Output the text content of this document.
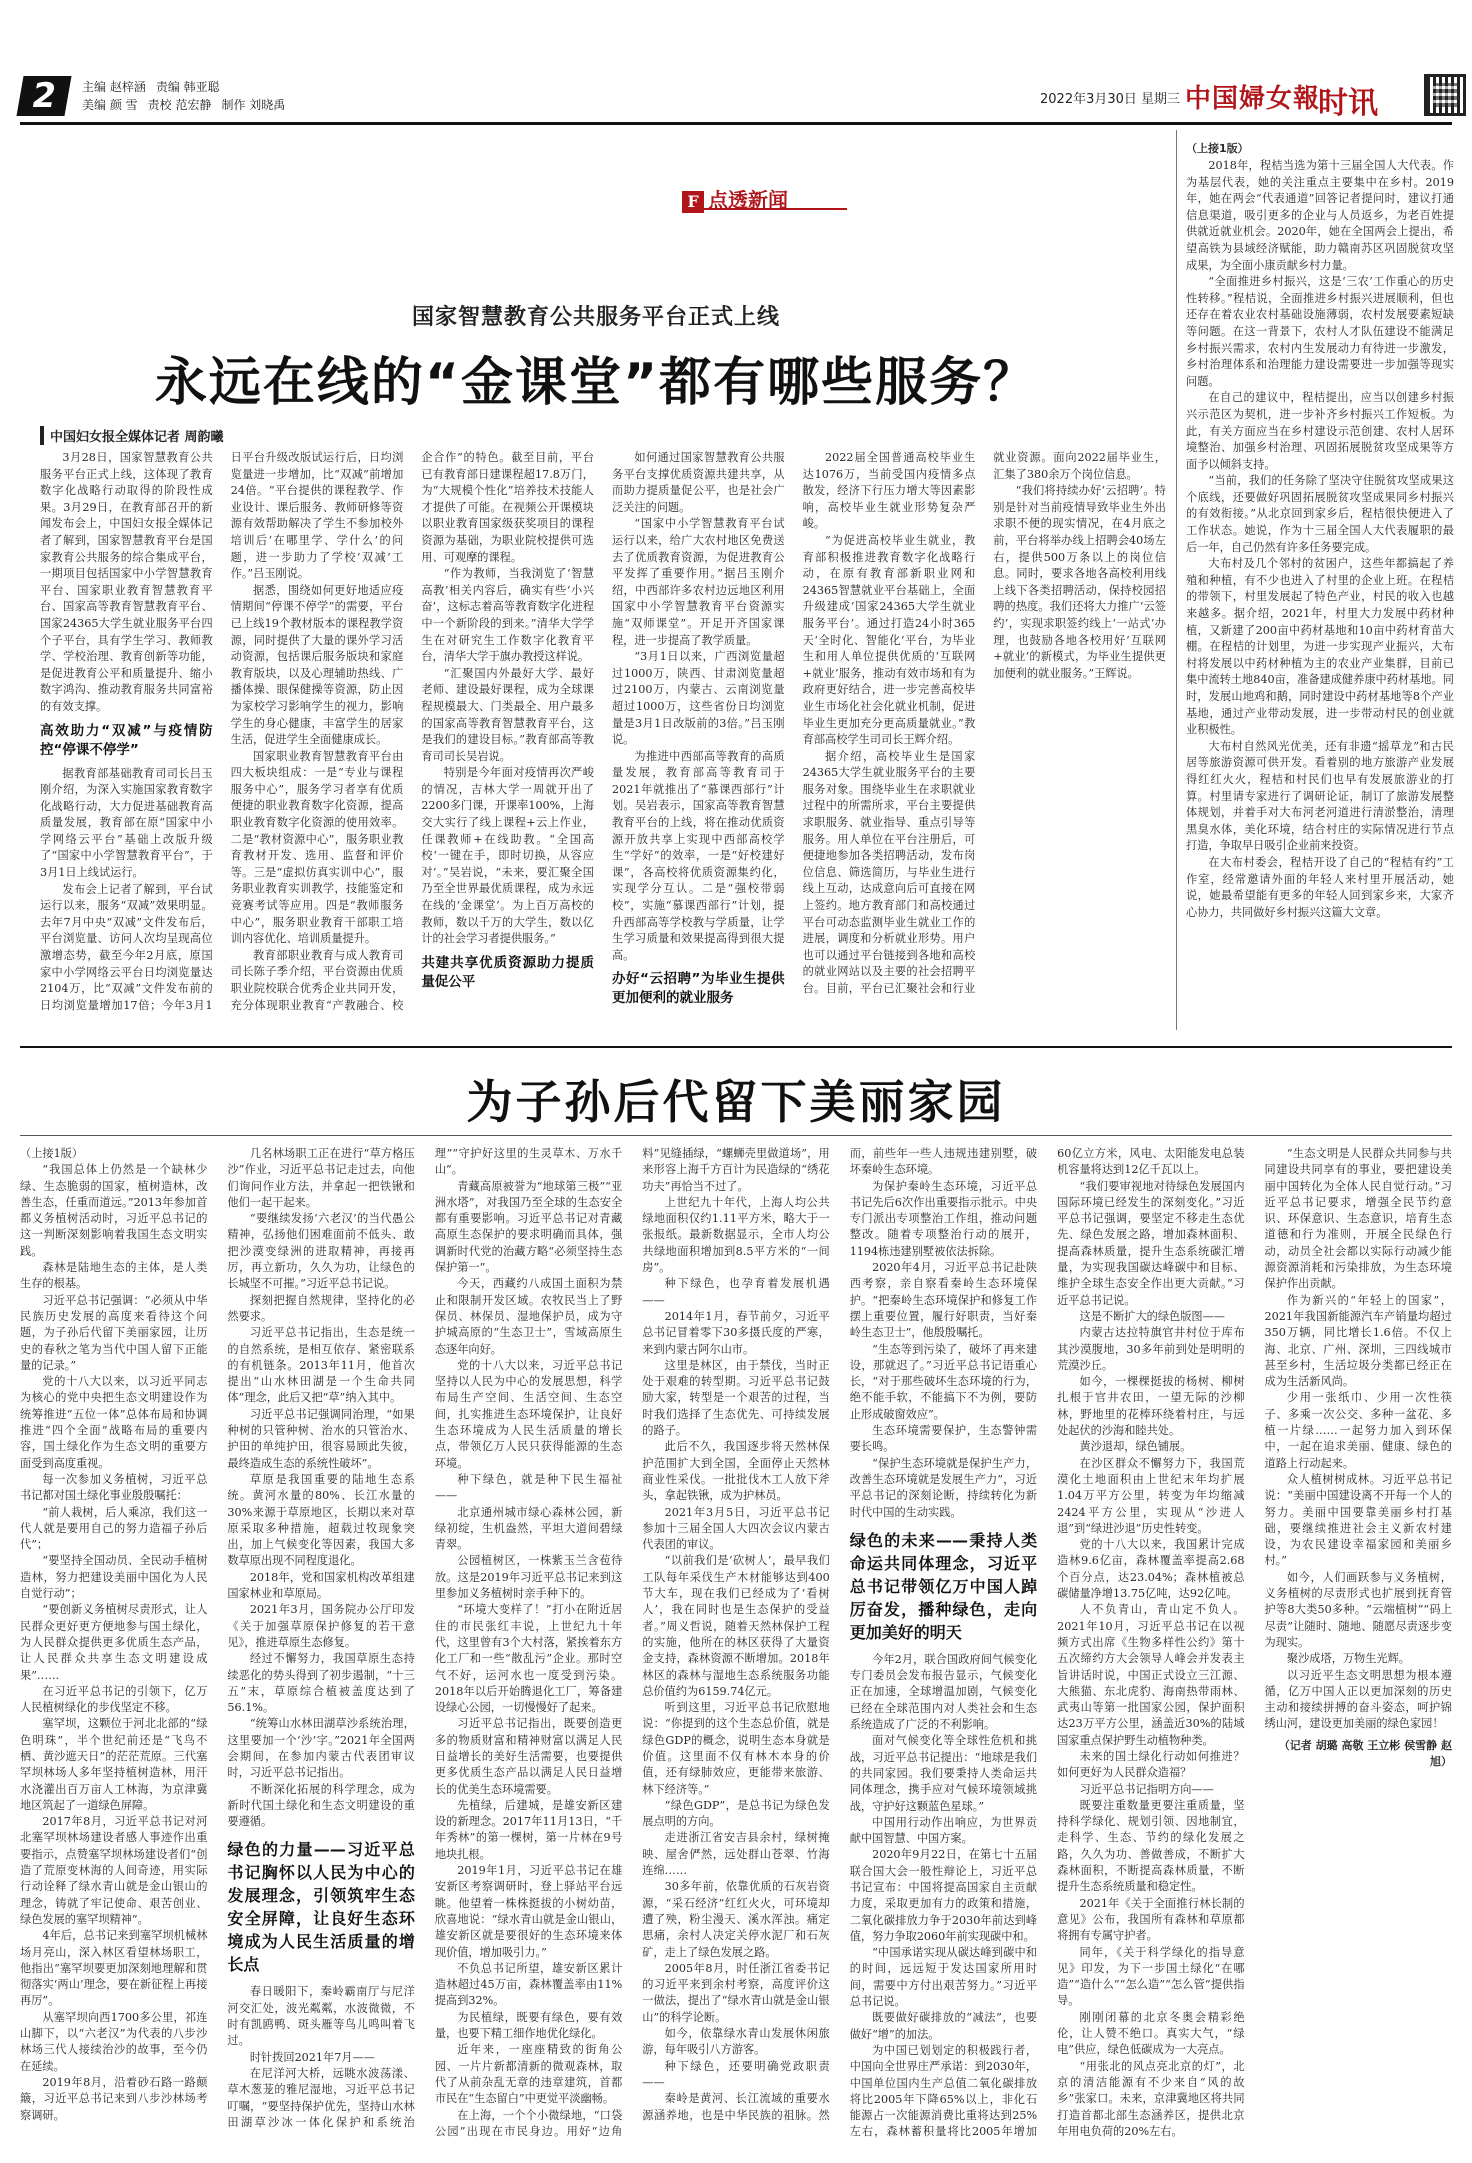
2	主编 赵梓涵 责编 韩亚聪
美编 颜 雪 责校 范宏静 制作 刘晓禹	2022年3月30日 星期三 中国婦女報
时讯
F 点透新闻
国家智慧教育公共服务平台正式上线
永远在线的“金课堂”都有哪些服务？
中国妇女报全媒体记者 周韵曦

3月28日，国家智慧教育公共服务平台正式上线，这体现了教育数字化战略行动取得的阶段性成果。3月29日，在教育部召开的新闻发布会上，中国妇女报全媒体记者了解到，国家智慧教育平台是国家教育公共服务的综合集成平台，一期项目包括国家中小学智慧教育平台、国家职业教育智慧教育平台、国家高等教育智慧教育平台、国家24365大学生就业服务平台四个子平台，具有学生学习、教师教学、学校治理、教育创新等功能，是促进教育公平和质量提升、缩小数字鸿沟、推动教育服务共同富裕的有效支撑。

高效助力“双减”与疫情防控“停课不停学”

据教育部基础教育司司长吕玉刚介绍，为深入实施国家教育数字化战略行动，大力促进基础教育高质量发展，教育部在原“国家中小学网络云平台”基础上改版升级了“国家中小学智慧教育平台”，于3月1日上线试运行。

发布会上记者了解到，平台试运行以来，服务“双减”效果明显。去年7月中央“双减”文件发布后，平台浏览量、访问人次均呈现高位激增态势，截至今年2月底，原国家中小学网络云平台日均浏览量达2104万，比“双减”文件发布前的日均浏览量增加17倍；今年3月1日平台升级改版试运行后，日均浏览量进一步增加，比“双减”前增加24倍。“平台提供的课程教学、作业设计、课后服务、教师研修等资源有效帮助解决了学生不参加校外培训后‘在哪里学、学什么’的问题，进一步助力了学校‘双减’工作。”吕玉刚说。

据悉，围绕如何更好地适应疫情期间“停课不停学”的需要，平台已上线19个教材版本的课程教学资源，同时提供了大量的课外学习活动资源，包括课后服务版块和家庭教育版块，以及心理辅助热线、广播体操、眼保健操等资源，防止因为家校学习影响学生的视力，影响学生的身心健康，丰富学生的居家生活，促进学生全面健康成长。

国家职业教育智慧教育平台由四大板块组成：一是“专业与课程服务中心”，服务学习者享有优质便捷的职业教育数字化资源，提高职业教育数字化资源的使用效率。二是“教材资源中心”，服务职业教育教材开发、选用、监督和评价等。三是“虚拟仿真实训中心”，服务职业教育实训教学，技能鉴定和竞赛考试等应用。四是“教师服务中心”，服务职业教育干部职工培训内容优化、培训质量提升。

教育部职业教育与成人教育司司长陈子季介绍，平台资源由优质职业院校联合优秀企业共同开发，充分体现职业教育“产教融合、校企合作”的特色。截至目前，平台已有教育部日建课程超17.8万门，为“大规模个性化”培养技术技能人才提供了可能。在视频公开课模块以职业教育国家级获奖项目的课程资源为基础，为职业院校提供可选用、可观摩的课程。

“作为教师，当我浏览了‘智慧高教’相关内容后，确实有些‘小兴奋’，这标志着高等教育数字化进程中一个新阶段的到来。”清华大学学生在对研究生工作数字化教育平台，清华大学于旗办教授这样说。

“汇聚国内外最好大学、最好老师、建设最好课程，成为全球课程规模最大、门类最全、用户最多的国家高等教育智慧教育平台，这是我们的建设目标。”教育部高等教育司司长吴岩说。

特别是今年面对疫情再次严峻的情况，吉林大学一周就开出了2200多门课，开课率100%，上海交大实行了线上课程+云上作业，任课教师+在线助教。“全国高校‘一键在手，即时切换，从容应对’。”吴岩说，“未来，要汇聚全国乃至全世界最优质课程，成为永远在线的‘金课堂’。为上百万高校的教师，数以千万的大学生，数以亿计的社会学习者提供服务。”

共建共享优质资源助力提质量促公平

如何通过国家智慧教育公共服务平台支撑优质资源共建共享，从而助力提质量促公平，也是社会广泛关注的问题。

“国家中小学智慧教育平台试运行以来，给广大农村地区免费送去了优质教育资源，为促进教育公平发挥了重要作用。”据吕玉刚介绍，中西部许多农村边远地区利用国家中小学智慧教育平台资源实施“双师课堂”。开足开齐国家课程，进一步提高了教学质量。

“3月1日以来，广西浏览量超过1000万，陕西、甘肃浏览量超过2100万，内蒙古、云南浏览量超过1000万，这些省份日均浏览量是3月1日改版前的3倍。”吕玉刚说。

为推进中西部高等教育的高质量发展，教育部高等教育司于2021年就推出了“慕课西部行”计划。吴岩表示，国家高等教育智慧教育平台的上线，将在推动优质资源开放共享上实现中西部高校学生“学好”的效率，一是“好校建好课”，各高校将优质资源集约化，实现学分互认。二是“强校带弱校”，实施“慕课西部行”计划，提升西部高等学校教与学质量，让学生学习质量和效果提高得到很大提高。

办好“云招聘”为毕业生提供更加便利的就业服务

2022届全国普通高校毕业生达1076万，当前受国内疫情多点散发，经济下行压力增大等因素影响，高校毕业生就业形势复杂严峻。

“为促进高校毕业生就业，教育部积极推进教育数字化战略行动，在原有教育部新职业网和24365智慧就业平台基础上，全面升级建成‘国家24365大学生就业服务平台’。通过打造24小时365天‘全时化、智能化’平台，为毕业生和用人单位提供优质的‘互联网+就业’服务，推动有效市场和有为政府更好结合，进一步完善高校毕业生市场化社会化就业机制，促进毕业生更加充分更高质量就业。”教育部高校学生司司长王辉介绍。

据介绍，高校毕业生是国家24365大学生就业服务平台的主要服务对象。围绕毕业生在求职就业过程中的所需所求，平台主要提供求职服务、就业指导、重点引导等服务。用人单位在平台注册后，可便捷地参加各类招聘活动，发布岗位信息、筛选简历，与毕业生进行线上互动，达成意向后可直接在网上签约。地方教育部门和高校通过平台可动态监测毕业生就业工作的进展，调度和分析就业形势。用户也可以通过平台链接到各地和高校的就业网站以及主要的社会招聘平台。目前，平台已汇聚社会和行业就业资源。面向2022届毕业生，汇集了380余万个岗位信息。

“我们将持续办好‘云招聘’。特别是针对当前疫情导致毕业生外出求职不便的现实情况，在4月底之前，平台将举办线上招聘会40场左右，提供500万条以上的岗位信息。同时，要求各地各高校利用线上线下各类招聘活动，保持校园招聘的热度。我们还将大力推广‘云签约’，实现求职签约线上‘一站式’办理，也鼓励各地各校用好‘互联网+就业’的新模式，为毕业生提供更加便利的就业服务。”王辉说。

（上接1版）

2018年，程桔当选为第十三届全国人大代表。作为基层代表，她的关注重点主要集中在乡村。2019年，她在两会“代表通道”回答记者提问时，建议打通信息渠道，吸引更多的企业与人员返乡，为老百姓提供就近就业机会。2020年，她在全国两会上提出，希望高铁为县域经济赋能，助力赣南苏区巩固脱贫攻坚成果，为全面小康贡献乡村力量。

“全面推进乡村振兴，这是‘三农’工作重心的历史性转移。”程桔说，全面推进乡村振兴进展顺利，但也还存在着农业农村基础设施薄弱，农村发展要素短缺等问题。在这一背景下，农村人才队伍建设不能满足乡村振兴需求，农村内生发展动力有待进一步激发，乡村治理体系和治理能力建设需要进一步加强等现实问题。

在自己的建议中，程桔提出，应当以创建乡村振兴示范区为契机，进一步补齐乡村振兴工作短板。为此，有关方面应当在乡村建设示范创建、农村人居环境整治、加强乡村治理、巩固拓展脱贫攻坚成果等方面予以倾斜支持。

“当前，我们的任务除了坚决守住脱贫攻坚成果这个底线，还要做好巩固拓展脱贫攻坚成果同乡村振兴的有效衔接。”从北京回到家乡后，程桔很快便进入了工作状态。她说，作为十三届全国人大代表履职的最后一年，自己仍然有许多任务要完成。

大布村及几个邻村的贫困户，这些年都搞起了养殖和种植，有不少也进入了村里的企业上班。在程桔的带领下，村里发展起了特色产业，村民的收入也越来越多。据介绍，2021年，村里大力发展中药材种植，又新建了200亩中药材基地和10亩中药材育苗大棚。在程桔的计划里，为进一步实现产业振兴，大布村将发展以中药材种植为主的农业产业集群，目前已集中流转土地840亩，准备建成健养康中药材基地。同时，发展山地鸡和鹅，同时建设中药材基地等8个产业基地，通过产业带动发展，进一步带动村民的创业就业积极性。

大布村自然风光优美，还有非遗“摇草龙”和古民居等旅游资源可供开发。看着别的地方旅游产业发展得红红火火，程桔和村民们也早有发展旅游业的打算。村里请专家进行了调研论证，制订了旅游发展整体规划，并着手对大布河老河道进行清淤整治，清理黑臭水体，美化环境，结合村庄的实际情况进行节点打造，争取早日吸引企业前来投资。

在大布村委会，程桔开设了自己的“程桔有约”工作室，经常邀请外面的年轻人来村里开展活动，她说，她最希望能有更多的年轻人回到家乡来，大家齐心协力，共同做好乡村振兴这篇大文章。

为子孙后代留下美丽家园
（上接1版）

“我国总体上仍然是一个缺林少绿、生态脆弱的国家，植树造林，改善生态，任重而道远。”2013年参加首都义务植树活动时，习近平总书记的这一判断深刻影响着我国生态文明实践。

森林是陆地生态的主体，是人类生存的根基。

习近平总书记强调：“必须从中华民族历史发展的高度来看待这个问题，为子孙后代留下美丽家园，让历史的春秋之笔为当代中国人留下正能量的记录。”

党的十八大以来，以习近平同志为核心的党中央把生态文明建设作为统筹推进“五位一体”总体布局和协调推进“四个全面”战略布局的重要内容，国土绿化作为生态文明的重要方面受到高度重视。

每一次参加义务植树，习近平总书记都对国土绿化事业殷殷嘱托：

“前人栽树，后人乘凉，我们这一代人就是要用自己的努力造福子孙后代”；

“要坚持全国动员、全民动手植树造林，努力把建设美丽中国化为人民自觉行动”；

“要创新义务植树尽责形式，让人民群众更好更方便地参与国土绿化，为人民群众提供更多优质生态产品，让人民群众共享生态文明建设成果”……

在习近平总书记的引领下，亿万人民植树绿化的步伐坚定不移。

塞罕坝，这颗位于河北北部的“绿色明珠”，半个世纪前还是“飞鸟不栖、黄沙遮天日”的茫茫荒原。三代塞罕坝林场人多年坚持植树造林，用汗水浇灌出百万亩人工林海，为京津冀地区筑起了一道绿色屏障。

2017年8月，习近平总书记对河北塞罕坝林场建设者感人事迹作出重要指示，点赞塞罕坝林场建设者们“创造了荒原变林海的人间奇迹，用实际行动诠释了绿水青山就是金山银山的理念，铸就了牢记使命、艰苦创业、绿色发展的塞罕坝精神”。

4年后，总书记来到塞罕坝机械林场月亮山，深入林区看望林场职工，他指出“塞罕坝要更加深刻地理解和贯彻落实‘两山’理念，要在新征程上再接再厉”。

从塞罕坝向西1700多公里，祁连山脚下，以“六老汉”为代表的八步沙林场三代人接续治沙的故事，至今仍在延续。

2019年8月，沿着砂石路一路颠簸，习近平总书记来到八步沙林场考察调研。

几名林场职工正在进行“草方格压沙”作业，习近平总书记走过去，向他们询问作业方法，并拿起一把铁锹和他们一起干起来。

“要继续发扬‘六老汉’的当代愚公精神，弘扬他们困难面前不低头、敢把沙漠变绿洲的进取精神，再接再厉，再立新功，久久为功，让绿色的长城坚不可摧。”习近平总书记说。

探刻把握自然规律，坚持化的必然要求。

习近平总书记指出，生态是统一的自然系统，是相互依存、紧密联系的有机链条。2013年11月，他首次提出“山水林田湖是一个生命共同体”理念，此后又把“草”纳入其中。

习近平总书记强调同治理，“如果种树的只管种树、治水的只管治水、护田的单纯护田，很容易顾此失彼，最终造成生态的系统性破坏”。

草原是我国重要的陆地生态系统。黄河水量的80%、长江水量的30%来源于草原地区，长期以来对草原采取多种措施，超载过牧现象突出，加上气候变化等因素，我国大多数草原出现不同程度退化。

2018年，党和国家机构改革组建国家林业和草原局。

2021年3月，国务院办公厅印发《关于加强草原保护修复的若干意见》，推进草原生态修复。

经过不懈努力，我国草原生态持续恶化的势头得到了初步遏制，“十三五”末，草原综合植被盖度达到了56.1%。

“统筹山水林田湖草沙系统治理，这里要加一个‘沙’字。”2021年全国两会期间，在参加内蒙古代表团审议时，习近平总书记指出。

不断深化拓展的科学理念，成为新时代国土绿化和生态文明建设的重要遵循。

绿色的力量——习近平总书记胸怀以人民为中心的发展理念，引领筑牢生态安全屏障，让良好生态环境成为人民生活质量的增长点

春日暖阳下，秦岭霸南厅与尼洋河交汇处，波光粼粼，水波微微，不时有凯鸥鸭、斑头雁等鸟儿鸣叫着飞过。

时针拨回2021年7月——

在尼洋河大桥，远眺水波荡漾、草木葱茏的雅尼湿地，习近平总书记叮嘱，“要坚持保护优先，坚持山水林田湖草沙冰一体化保护和系统治理”“守护好这里的生灵草木、万水千山”。

青藏高原被誉为“地球第三极”“亚洲水塔”，对我国乃至全球的生态安全都有重要影响。习近平总书记对青藏高原生态保护的要求明确而具体，强调新时代党的治藏方略“必须坚持生态保护第一”。

今天，西藏约八成国土面积为禁止和限制开发区域。农牧民当上了野保员、林保员、湿地保护员，成为守护城高原的“生态卫士”，雪域高原生态逐年向好。

党的十八大以来，习近平总书记坚持以人民为中心的发展思想，科学布局生产空间、生活空间、生态空间，扎实推进生态环境保护，让良好生态环境成为人民生活质量的增长点，带领亿万人民只获得能源的生态环境。

种下绿色，就是种下民生福祉——

北京通州城市绿心森林公园，新绿初绽，生机盎然，平坦大道间碧绿青翠。

公园植树区，一株紫玉兰含苞待放。这是2019年习近平总书记来到这里参加义务植树时亲手种下的。

“环境大变样了！”打小在附近居住的市民张红丰说，上世纪九十年代，这里曾有3个大村落，紧挨着东方化工厂和一些“散乱污”企业。那时空气不好，运河水也一度受到污染。2018年以后开始腾退化工厂，筹备建设绿心公园，一切慢慢好了起来。

习近平总书记指出，既要创造更多的物质财富和精神财富以满足人民日益增长的美好生活需要，也要提供更多优质生态产品以满足人民日益增长的优美生态环境需要。

先植绿，后建城，是雄安新区建设的新理念。2017年11月13日，“千年秀林”的第一棵树，第一片林在9号地块扎根。

2019年1月，习近平总书记在雄安新区考察调研时，登上驿站平台远眺。他望着一株株挺拔的小树幼苗，欣喜地说：“绿水青山就是金山银山，雄安新区就是要很好的生态环境来体现价值，增加吸引力。”

不负总书记所望，雄安新区累计造林超过45万亩，森林覆盖率由11%提高到32%。

为民植绿，既要有绿色，要有效量，也要下精工细作地优化绿化。

近年来，一座座精致的街角公园、一片片新都清新的微观森林，取代了从前杂乱无章的违章建筑，首都市民在“生态留白”中更觉平淡幽畅。

在上海，一个个小微绿地，“口袋公园”出现在市民身边。用好“边角料”见缝插绿，“螺蛳壳里做道场”，用来形容上海千方百计为民造绿的“绣花功夫”再恰当不过了。

上世纪九十年代，上海人均公共绿地面积仅约1.11平方米，略大于一张报纸。最新数据显示，全市人均公共绿地面积增加到8.5平方米的“一间房”。

种下绿色，也孕育着发展机遇——

2014年1月，春节前夕，习近平总书记冒着零下30多摄氏度的严寒，来到内蒙古阿尔山市。

这里是林区，由于禁伐，当时正处于艰难的转型期。习近平总书记鼓励大家，转型是一个艰苦的过程，当时我们选择了生态优先、可持续发展的路子。

此后不久，我国逐步将天然林保护范围扩大到全国，全面停止天然林商业性采伐。一批批伐木工人放下斧头，拿起铁锹，成为护林员。

2021年3月5日，习近平总书记参加十三届全国人大四次会议内蒙古代表团的审议。

“以前我们是‘砍树人’，最早我们工队每年采伐生产木材能够达到400节大车，现在我们已经成为了‘看树人’，我在同时也是生态保护的受益者。”周义哲说，随着天然林保护工程的实施，他所在的林区获得了大量资金支持，森林资源不断增加。2018年林区的森林与湿地生态系统服务功能总价值约为6159.74亿元。

听到这里，习近平总书记欣慰地说：“你提到的这个生态总价值，就是绿色GDP的概念，说明生态本身就是价值。这里面不仅有林木本身的价值，还有绿肺效应，更能带来旅游、林下经济等。”

“绿色GDP”，是总书记为绿色发展点明的方向。

走进浙江省安吉县余村，绿树掩映、屋舍俨然，远处群山苍翠、竹海连绵……

30多年前，依靠优质的石灰岩资源，“采石经济”红红火火，可环境却遭了殃，粉尘漫天、溪水浑浊。痛定思痛，余村人决定关停水泥厂和石灰矿，走上了绿色发展之路。

2005年8月，时任浙江省委书记的习近平来到余村考察，高度评价这一做法，提出了“绿水青山就是金山银山”的科学论断。

如今，依靠绿水青山发展休闲旅游，每年吸引八方游客。

种下绿色，还要明确党政职责——

秦岭是黄河、长江流域的重要水源涵养地，也是中华民族的祖脉。然而，前些年一些人违规违建别墅，破坏秦岭生态环境。

为保护秦岭生态环境，习近平总书记先后6次作出重要指示批示。中央专门派出专项整治工作组，推动问题整改。随着专项整治行动的展开，1194栋违建别墅被依法拆除。

2020年4月，习近平总书记赴陕西考察，亲自察看秦岭生态环境保护。“把秦岭生态环境保护和修复工作摆上重要位置，履行好职责，当好秦岭生态卫士”，他殷殷嘱托。

“生态等到污染了，破坏了再来建设，那就迟了。”习近平总书记语重心长，“对于那些破坏生态环境的行为，绝不能手软，不能搞下不为例，要防止形成破窗效应”。

生态环境需要保护，生态警钟需要长鸣。

“保护生态环境就是保护生产力，改善生态环境就是发展生产力”，习近平总书记的深刻论断，持续转化为新时代中国的生动实践。

绿色的未来——秉持人类命运共同体理念，习近平总书记带领亿万中国人踔厉奋发，播种绿色，走向更加美好的明天

今年2月，联合国政府间气候变化专门委员会发布报告显示，气候变化正在加速，全球增温加剧，气候变化已经在全球范围内对人类社会和生态系统造成了广泛的不利影响。

面对气候变化等全球性危机和挑战，习近平总书记提出：“地球是我们的共同家园。我们要秉持人类命运共同体理念，携手应对气候环境领域挑战，守护好这颗蓝色星球。”

中国用行动作出响应，为世界贡献中国智慧、中国方案。

2020年9月22日，在第七十五届联合国大会一般性辩论上，习近平总书记宣布：中国将提高国家自主贡献力度，采取更加有力的政策和措施，二氧化碳排放力争于2030年前达到峰值，努力争取2060年前实现碳中和。

“中国承诺实现从碳达峰到碳中和的时间，远远短于发达国家所用时间，需要中方付出艰苦努力。”习近平总书记说。

既要做好碳排放的“减法”，也要做好“增”的加法。

为中国已划划定的积极践行者，中国向全世界庄严承诺：到2030年，中国单位国内生产总值二氧化碳排放将比2005年下降65%以上，非化石能源占一次能源消费比重将达到25%左右，森林蓄积量将比2005年增加60亿立方米，风电、太阳能发电总装机容量将达到12亿千瓦以上。

“我们要审视地对待绿色发展国内国际环境已经发生的深刻变化。”习近平总书记强调，要坚定不移走生态优先、绿色发展之路，增加森林面积、提高森林质量，提升生态系统碳汇增量，为实现我国碳达峰碳中和目标、维护全球生态安全作出更大贡献。”习近平总书记说。

这是不断扩大的绿色版图——

内蒙古达拉特旗官井村位于库布其沙漠腹地，30多年前到处是明明的荒漠沙丘。

如今，一棵棵挺拔的杨树、柳树扎根于官井农田，一望无际的沙柳林，野地里的花棒环绕着村庄，与远处起伏的沙海和睦共处。

黄沙退却，绿色铺展。

在沙区群众不懈努力下，我国荒漠化土地面积由上世纪末年均扩展1.04万平方公里，转变为年均缩减2424平方公里，实现从“沙进人退”到“绿进沙退”历史性转变。

党的十八大以来，我国累计完成造林9.6亿亩，森林覆盖率提高2.68个百分点，达23.04%；森林植被总碳储量净增13.75亿吨，达92亿吨。

人不负青山，青山定不负人。2021年10月，习近平总书记在以视频方式出席《生物多样性公约》第十五次缔约方大会领导人峰会并发表主旨讲话时说，中国正式设立三江源、大熊猫、东北虎豹、海南热带雨林、武夷山等第一批国家公园，保护面积达23万平方公里，涵盖近30%的陆域国家重点保护野生动植物种类。

未来的国土绿化行动如何推进？如何更好为人民群众造福？

习近平总书记指明方向——

既要注重数量更要注重质量，坚持科学绿化、规划引领、因地制宜，走科学、生态、节约的绿化发展之路，久久为功、善做善成，不断扩大森林面积，不断提高森林质量，不断提升生态系统质量和稳定性。

2021年《关于全面推行林长制的意见》公布，我国所有森林和草原都将拥有专属守护者。

同年，《关于科学绿化的指导意见》印发，为下一步国土绿化“在哪造”“造什么”“怎么造”“怎么管”提供指导。

刚刚闭幕的北京冬奥会精彩绝伦，让人赞不绝口。真实大气，“绿电”供应，绿色低碳成为一大亮点。

“用张北的风点亮北京的灯”，北京的清洁能源有不少来自“风的故乡”张家口。未来，京津冀地区将共同打造首都北部生态涵养区，提供北京年用电负荷的20%左右。

“生态文明是人民群众共同参与共同建设共同享有的事业，要把建设美丽中国转化为全体人民自觉行动。”习近平总书记要求，增强全民节约意识、环保意识、生态意识，培育生态道德和行为准则，开展全民绿色行动，动员全社会都以实际行动减少能源资源消耗和污染排放，为生态环境保护作出贡献。

作为新兴的“年轻上的国家”，2021年我国新能源汽车产销量均超过350万辆，同比增长1.6倍。不仅上海、北京、广州、深圳，三四线城市甚至乡村，生活垃圾分类都已经正在成为生活新风尚。

少用一张纸巾、少用一次性筷子、多乘一次公交、多种一盆花、多植一片绿……一起努力加入到环保中，一起在追求美丽、健康、绿色的道路上行动起来。

众人植树树成林。习近平总书记说：“美丽中国建设离不开每一个人的努力。美丽中国要靠美丽乡村打基础，要继续推进社会主义新农村建设，为农民建设幸福家园和美丽乡村。”

如今，人们画跃参与义务植树，义务植树的尽责形式也扩展到抚育管护等8大类50多种。“云端植树”“码上尽责”让随时、随地、随愿尽责逐步变为现实。

聚沙成塔，万物生光辉。

以习近平生态文明思想为根本遵循，亿万中国人正以更加深刻的历史主动和接续拼搏的奋斗姿态，呵护锦绣山河，建设更加美丽的绿色家园！

（记者 胡璐 高敬 王立彬 侯雪静 赵旭）
